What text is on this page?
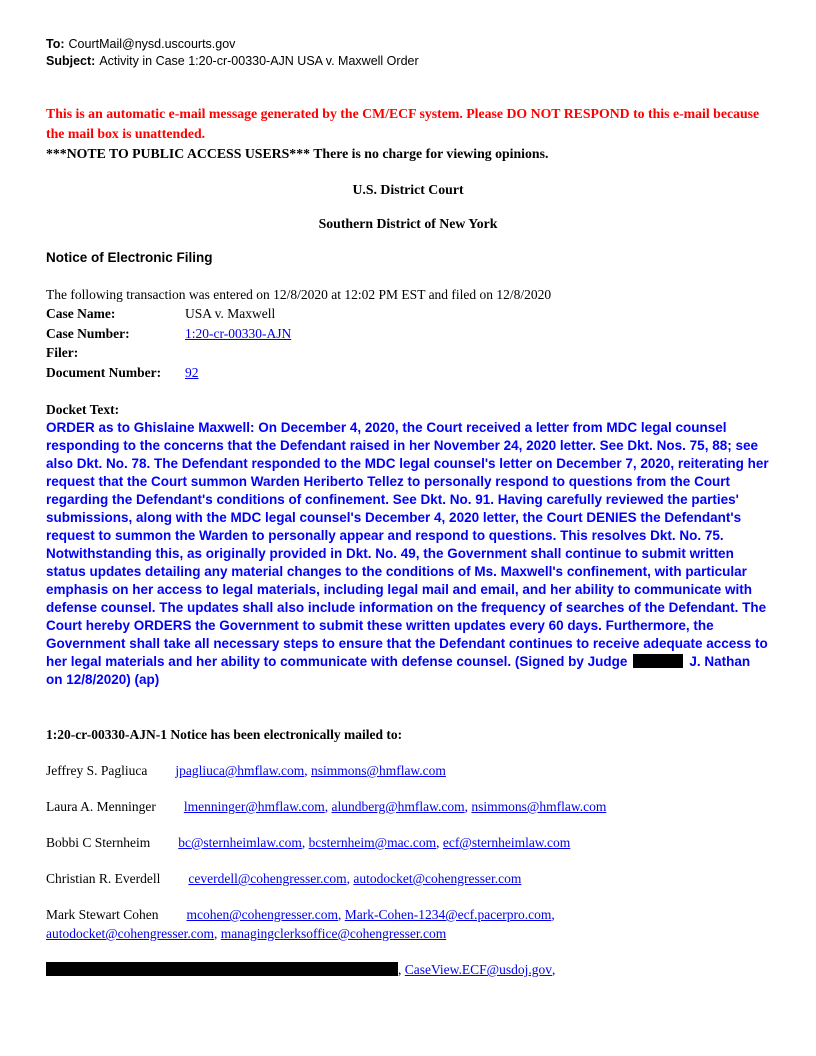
To: CourtMail@nysd.uscourts.gov
Subject: Activity in Case 1:20-cr-00330-AJN USA v. Maxwell Order
This is an automatic e-mail message generated by the CM/ECF system. Please DO NOT RESPOND to this e-mail because the mail box is unattended.
***NOTE TO PUBLIC ACCESS USERS*** There is no charge for viewing opinions.
U.S. District Court
Southern District of New York
Notice of Electronic Filing
The following transaction was entered on 12/8/2020 at 12:02 PM EST and filed on 12/8/2020
Case Name:	USA v. Maxwell
Case Number:	1:20-cr-00330-AJN
Filer:
Document Number:	92
Docket Text:
ORDER as to Ghislaine Maxwell: On December 4, 2020, the Court received a letter from MDC legal counsel responding to the concerns that the Defendant raised in her November 24, 2020 letter. See Dkt. Nos. 75, 88; see also Dkt. No. 78. The Defendant responded to the MDC legal counsel's letter on December 7, 2020, reiterating her request that the Court summon Warden Heriberto Tellez to personally respond to questions from the Court regarding the Defendant's conditions of confinement. See Dkt. No. 91. Having carefully reviewed the parties' submissions, along with the MDC legal counsel's December 4, 2020 letter, the Court DENIES the Defendant's request to summon the Warden to personally appear and respond to questions. This resolves Dkt. No. 75. Notwithstanding this, as originally provided in Dkt. No. 49, the Government shall continue to submit written status updates detailing any material changes to the conditions of Ms. Maxwell's confinement, with particular emphasis on her access to legal materials, including legal mail and email, and her ability to communicate with defense counsel. The updates shall also include information on the frequency of searches of the Defendant. The Court hereby ORDERS the Government to submit these written updates every 60 days. Furthermore, the Government shall take all necessary steps to ensure that the Defendant continues to receive adequate access to her legal materials and her ability to communicate with defense counsel. (Signed by Judge	J. Nathan on 12/8/2020) (ap)
1:20-cr-00330-AJN-1 Notice has been electronically mailed to:
Jeffrey S. Pagliuca jpagliuca@hmflaw.com , nsimmons@hmflaw.com
Laura A. Menninger lmenninger@hmflaw.com , alundberg@hmflaw.com , nsimmons@hmflaw.com
Bobbi C Sternheim bc@sternheimlaw.com , bcsternheim@mac.com , ecf@sternheimlaw.com
Christian R. Everdell ceverdell@cohengresser.com , autodocket@cohengresser.com
Mark Stewart Cohen mcohen@cohengresser.com , Mark-Cohen-1234@ecf.pacerpro.com ,
autodocket@cohengresser.com , managingclerksoffice@cohengresser.com
, CaseView.ECF@usdoj.gov ,
